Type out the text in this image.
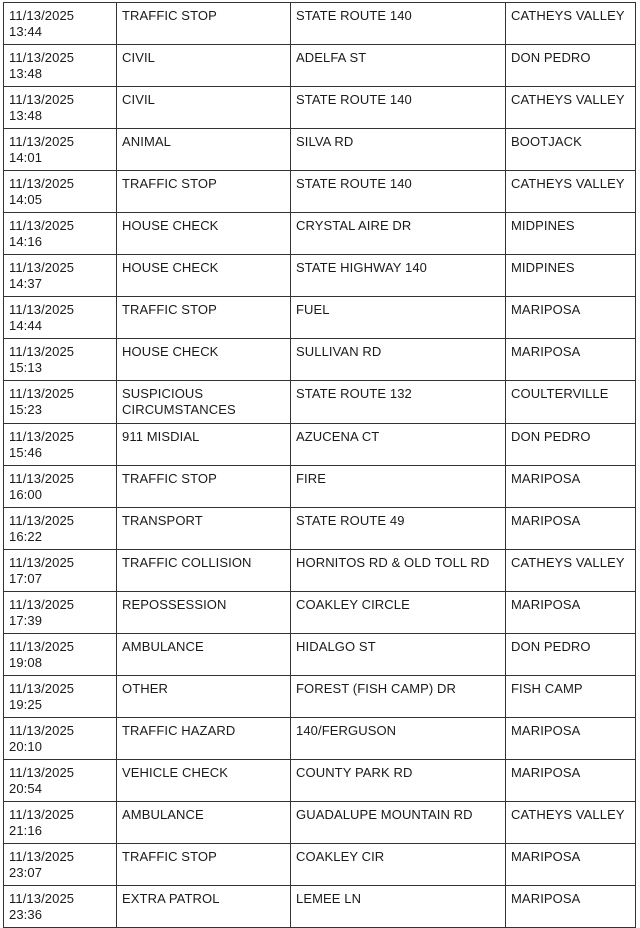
11/13/2025 13:44	TRAFFIC STOP	STATE ROUTE 140	CATHEYS VALLEY
11/13/2025 13:48	CIVIL	ADELFA ST	DON PEDRO
11/13/2025 13:48	CIVIL	STATE ROUTE 140	CATHEYS VALLEY
11/13/2025 14:01	ANIMAL	SILVA RD	BOOTJACK
11/13/2025 14:05	TRAFFIC STOP	STATE ROUTE 140	CATHEYS VALLEY
11/13/2025 14:16	HOUSE CHECK	CRYSTAL AIRE DR	MIDPINES
11/13/2025 14:37	HOUSE CHECK	STATE HIGHWAY 140	MIDPINES
11/13/2025 14:44	TRAFFIC STOP	FUEL	MARIPOSA
11/13/2025 15:13	HOUSE CHECK	SULLIVAN RD	MARIPOSA
11/13/2025 15:23	SUSPICIOUS CIRCUMSTANCES	STATE ROUTE 132	COULTERVILLE
11/13/2025 15:46	911 MISDIAL	AZUCENA CT	DON PEDRO
11/13/2025 16:00	TRAFFIC STOP	FIRE	MARIPOSA
11/13/2025 16:22	TRANSPORT	STATE ROUTE 49	MARIPOSA
11/13/2025 17:07	TRAFFIC COLLISION	HORNITOS RD & OLD TOLL RD	CATHEYS VALLEY
11/13/2025 17:39	REPOSSESSION	COAKLEY CIRCLE	MARIPOSA
11/13/2025 19:08	AMBULANCE	HIDALGO ST	DON PEDRO
11/13/2025 19:25	OTHER	FOREST (FISH CAMP) DR	FISH CAMP
11/13/2025 20:10	TRAFFIC HAZARD	140/FERGUSON	MARIPOSA
11/13/2025 20:54	VEHICLE CHECK	COUNTY PARK RD	MARIPOSA
11/13/2025 21:16	AMBULANCE	GUADALUPE MOUNTAIN RD	CATHEYS VALLEY
11/13/2025 23:07	TRAFFIC STOP	COAKLEY CIR	MARIPOSA
11/13/2025 23:36	EXTRA PATROL	LEMEE LN	MARIPOSA
